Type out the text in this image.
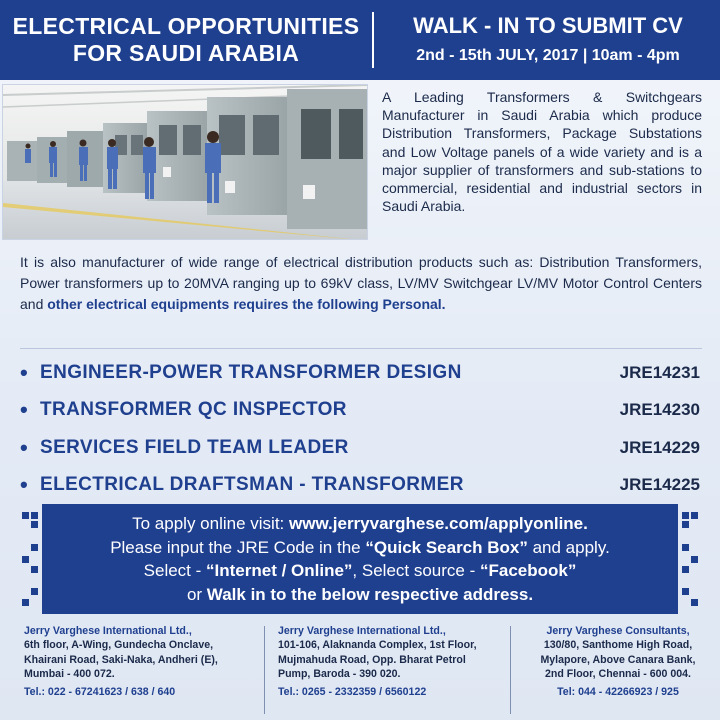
ELECTRICAL OPPORTUNITIES
FOR SAUDI ARABIA
WALK - IN TO SUBMIT CV
2nd - 15th JULY, 2017 | 10am - 4pm
A Leading Transformers & Switchgears Manufacturer in Saudi Arabia which produce Distribution Transformers, Package Substations and Low Voltage panels of a wide variety and is a major supplier of transformers and sub-stations to commercial, residential and industrial sectors in Saudi Arabia.
It is also manufacturer of wide range of electrical distribution products such as: Distribution Transformers, Power transformers up to 20MVA ranging up to 69kV class, LV/MV Switchgear LV/MV Motor Control Centers and other electrical equipments requires the following Personal.
• ENGINEER-POWER TRANSFORMER DESIGN	JRE14231
• TRANSFORMER QC INSPECTOR	JRE14230
• SERVICES FIELD TEAM LEADER	JRE14229
• ELECTRICAL DRAFTSMAN - TRANSFORMER	JRE14225
To apply online visit: www.jerryvarghese.com/applyonline.
Please input the JRE Code in the “Quick Search Box” and apply.
Select - “Internet / Online”, Select source - “Facebook”
or Walk in to the below respective address.
Jerry Varghese International Ltd.,
6th floor, A-Wing, Gundecha Onclave,
Khairani Road, Saki-Naka, Andheri (E),
Mumbai - 400 072.
Tel.: 022 - 67241623 / 638 / 640
Jerry Varghese International Ltd.,
101-106, Alaknanda Complex, 1st Floor,
Mujmahuda Road, Opp. Bharat Petrol
Pump, Baroda - 390 020.
Tel.: 0265 - 2332359 / 6560122
Jerry Varghese Consultants,
130/80, Santhome High Road,
Mylapore, Above Canara Bank,
2nd Floor, Chennai - 600 004.
Tel: 044 - 42266923 / 925
